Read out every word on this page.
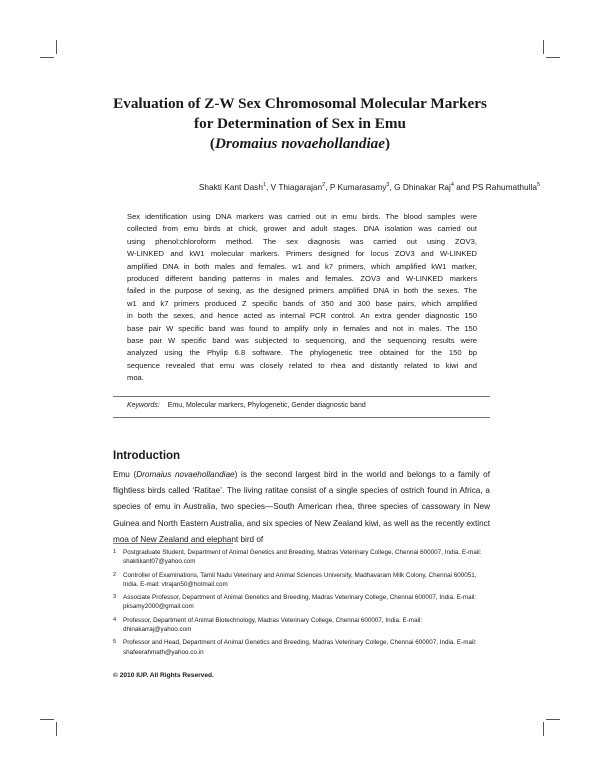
Evaluation of Z-W Sex Chromosomal Molecular Markers
for Determination of Sex in Emu
(Dromaius novaehollandiae)
Shakti Kant Dash$^1$, V Thiagarajan$^2$, P Kumarasamy$^3$, G Dhinakar Raj$^4$ and PS Rahumathulla$^5$
Sex identification using DNA markers was carried out in emu birds. The blood samples were
collected from emu birds at chick, grower and adult stages. DNA isolation was carried out
using phenol:chloroform method. The sex diagnosis was carried out using ZOV3,
W-LINKED and kW1 molecular markers. Primers designed for locus ZOV3 and W-LINKED
amplified DNA in both males and females. w1 and k7 primers, which amplified kW1 marker,
produced different banding patterns in males and females. ZOV3 and W-LINKED markers
failed in the purpose of sexing, as the designed primers amplified DNA in both the sexes. The
w1 and k7 primers produced Z specific bands of 350 and 300 base pairs, which amplified
in both the sexes, and hence acted as internal PCR control. An extra gender diagnostic 150
base pair W specific band was found to amplify only in females and not in males. The 150
base pair W specific band was subjected to sequencing, and the sequencing results were
analyzed using the Phylip 6.8 software. The phylogenetic tree obtained for the 150 bp
sequence revealed that emu was closely related to rhea and distantly related to kiwi and
moa.
Keywords: Emu, Molecular markers, Phylogenetic, Gender diagnostic band
Introduction

Emu (Dromaius novaehollandiae) is the second largest bird in the world and belongs to a family of flightless birds called ‘Ratitae’. The living ratitae consist of a single species of ostrich found in Africa, a species of emu in Australia, two species—South American rhea, three species of cassowary in New Guinea and North Eastern Australia, and six species of New Zealand kiwi, as well as the recently extinct moa of New Zealand and elephant bird of

1	Postgraduate Student, Department of Animal Genetics and Breeding, Madras Veterinary College, Chennai 600007, India. E-mail: shaktikant07@yahoo.com
2	Controller of Examinations, Tamil Nadu Veterinary and Animal Sciences University, Madhavaram Milk Colony, Chennai 600051, India. E-mail: vtrajan50@hotmail.com
3	Associate Professor, Department of Animal Genetics and Breeding, Madras Veterinary College, Chennai 600007, India. E-mail: pksamy2000@gmail.com
4	Professor, Department of Animal Biotechnology, Madras Veterinary College, Chennai 600007, India. E-mail: dhinakarraj@yahoo.com
5	Professor and Head, Department of Animal Genetics and Breeding, Madras Veterinary College, Chennai 600007, India. E-mail: shafeerahmath@yahoo.co.in
© 2010 IUP. All Rights Reserved.
